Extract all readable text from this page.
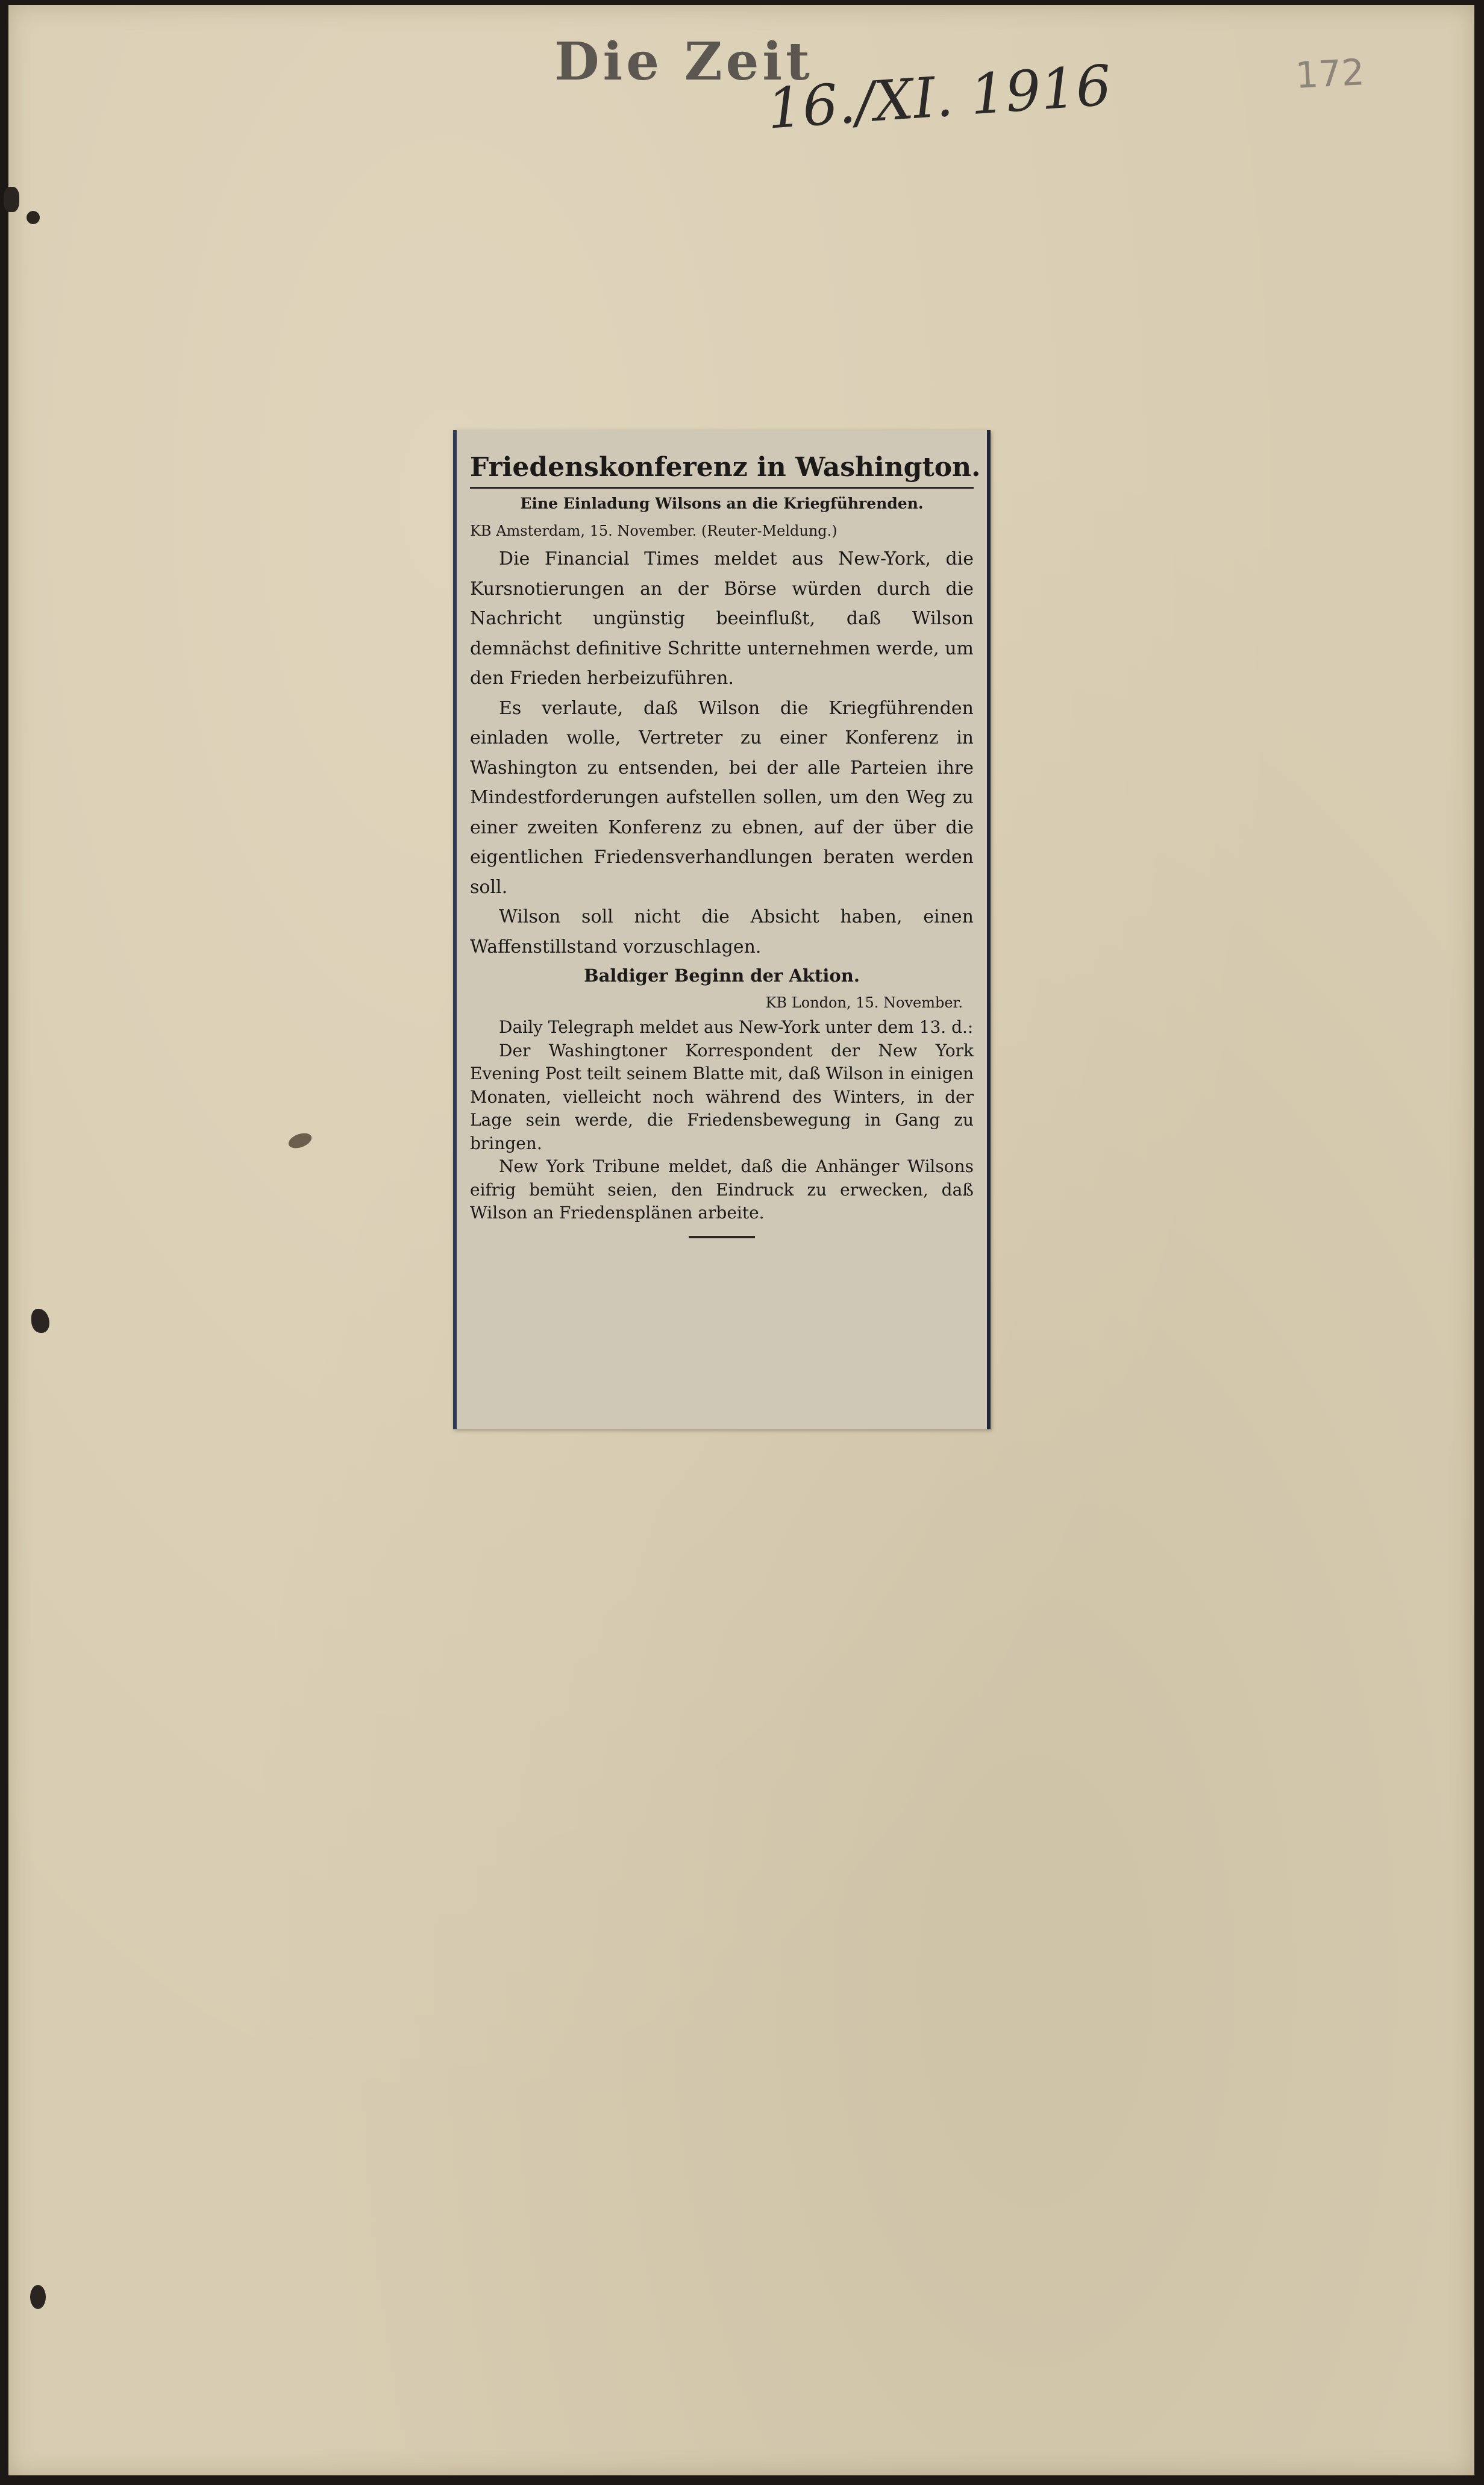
Die Zeit
16./XI. 1916	172
Friedenskonferenz in Washington.
Eine Einladung Wilsons an die Kriegführenden.
KB Amsterdam, 15. November. (Reuter-Meldung.)

Die Financial Times meldet aus New-York, die Kursnotierungen an der Börse würden durch die Nachricht ungünstig beeinflußt, daß Wilson demnächst definitive Schritte unternehmen werde, um den Frieden herbeizuführen.

Es verlaute, daß Wilson die Kriegführenden einladen wolle, Vertreter zu einer Konferenz in Washington zu entsenden, bei der alle Parteien ihre Mindestforderungen aufstellen sollen, um den Weg zu einer zweiten Konferenz zu ebnen, auf der über die eigentlichen Friedensverhandlungen beraten werden soll.

Wilson soll nicht die Absicht haben, einen Waffenstillstand vorzuschlagen.

Baldiger Beginn der Aktion.
KB London, 15. November.

Daily Telegraph meldet aus New-York unter dem 13. d.:

Der Washingtoner Korrespondent der New York Evening Post teilt seinem Blatte mit, daß Wilson in einigen Monaten, vielleicht noch während des Winters, in der Lage sein werde, die Friedensbewegung in Gang zu bringen.

New York Tribune meldet, daß die Anhänger Wilsons eifrig bemüht seien, den Eindruck zu erwecken, daß Wilson an Friedensplänen arbeite.
